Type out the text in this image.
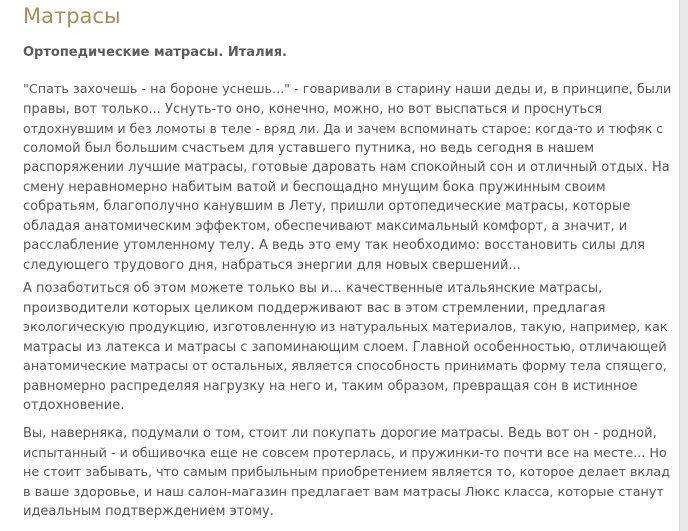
Матрасы

Ортопедические матрасы. Италия.

"Спать захочешь - на бороне уснешь..." - говаривали в старину наши деды и, в принципе, были
правы, вот только... Уснуть-то оно, конечно, можно, но вот выспаться и проснуться
отдохнувшим и без ломоты в теле - вряд ли. Да и зачем вспоминать старое: когда-то и тюфяк с
соломой был большим счастьем для уставшего путника, но ведь сегодня в нашем
распоряжении лучшие матрасы, готовые даровать нам спокойный сон и отличный отдых. На
смену неравномерно набитым ватой и беспощадно мнущим бока пружинным своим
собратьям, благополучно канувшим в Лету, пришли ортопедические матрасы, которые
обладая анатомическим эффектом, обеспечивают максимальный комфорт, а значит, и
расслабление утомленному телу. А ведь это ему так необходимо: восстановить силы для
следующего трудового дня, набраться энергии для новых свершений...

А позаботиться об этом можете только вы и... качественные итальянские матрасы,
производители которых целиком поддерживают вас в этом стремлении, предлагая
экологическую продукцию, изготовленную из натуральных материалов, такую, например, как
матрасы из латекса и матрасы с запоминающим слоем. Главной особенностью, отличающей
анатомические матрасы от остальных, является способность принимать форму тела спящего,
равномерно распределяя нагрузку на него и, таким образом, превращая сон в истинное
отдохновение.

Вы, наверняка, подумали о том, стоит ли покупать дорогие матрасы. Ведь вот он - родной,
испытанный - и обшивочка еще не совсем протерлась, и пружинки-то почти все на месте... Но
не стоит забывать, что самым прибыльным приобретением является то, которое делает вклад
в ваше здоровье, и наш салон-магазин предлагает вам матрасы Люкс класса, которые станут
идеальным подтверждением этому.
